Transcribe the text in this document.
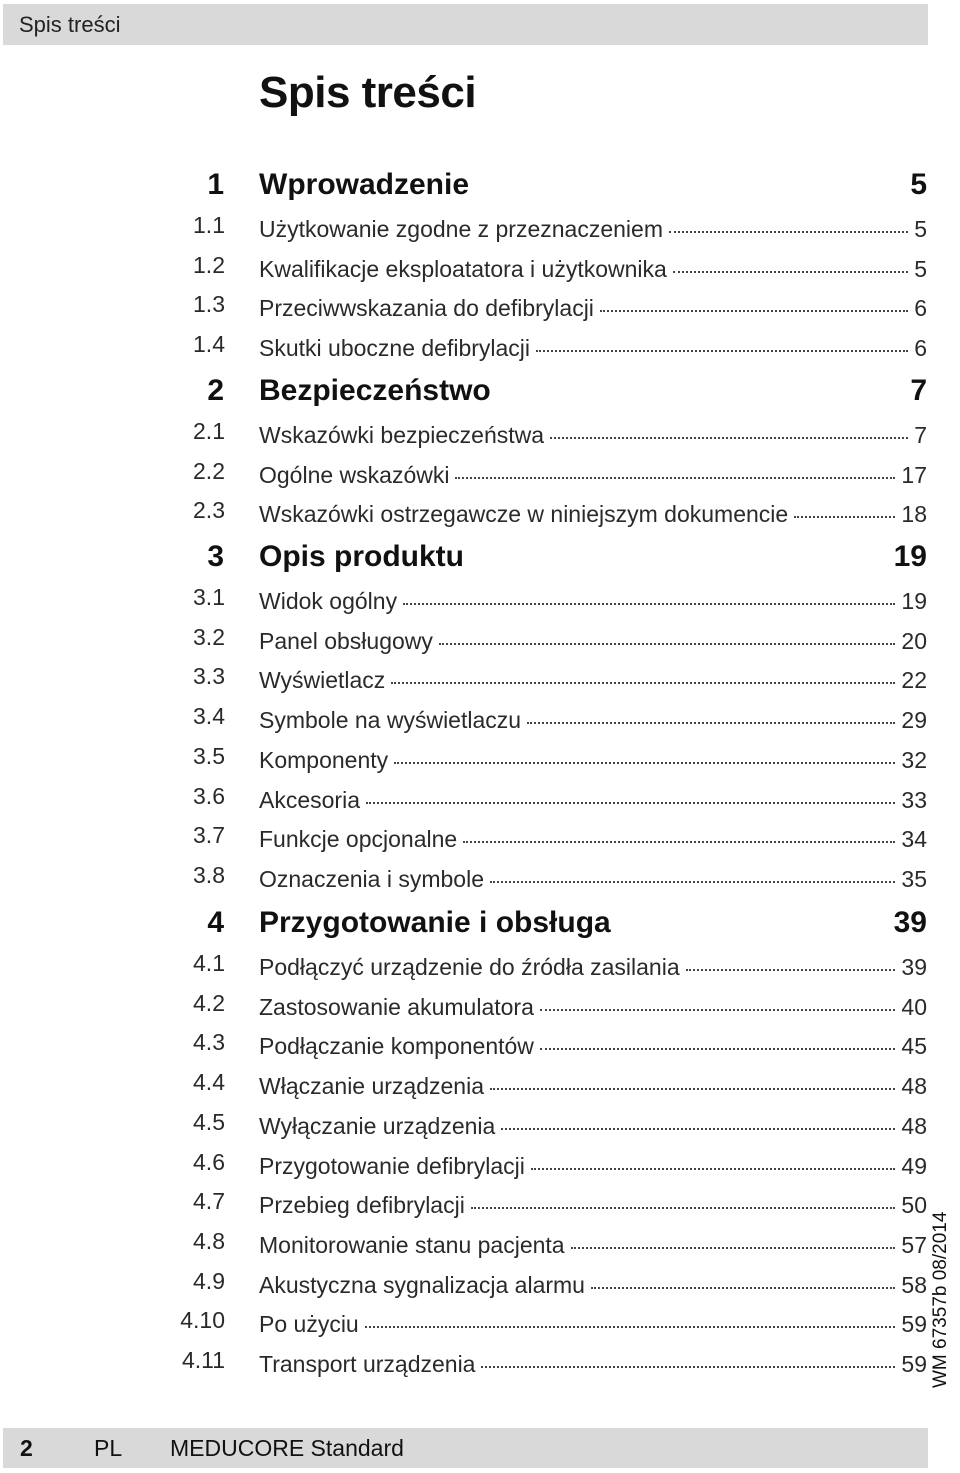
Spis treści
Spis treści
1 Wprowadzenie	5
1.1 Użytkowanie zgodne z przeznaczeniem	5
1.2 Kwalifikacje eksploatatora i użytkownika	5
1.3 Przeciwwskazania do defibrylacji	6
1.4 Skutki uboczne defibrylacji	6
2 Bezpieczeństwo	7
2.1 Wskazówki bezpieczeństwa	7
2.2 Ogólne wskazówki	17
2.3 Wskazówki ostrzegawcze w niniejszym dokumencie	18
3 Opis produktu	19
3.1 Widok ogólny	19
3.2 Panel obsługowy	20
3.3 Wyświetlacz	22
3.4 Symbole na wyświetlaczu	29
3.5 Komponenty	32
3.6 Akcesoria	33
3.7 Funkcje opcjonalne	34
3.8 Oznaczenia i symbole	35
4 Przygotowanie i obsługa	39
4.1 Podłączyć urządzenie do źródła zasilania	39
4.2 Zastosowanie akumulatora	40
4.3 Podłączanie komponentów	45
4.4 Włączanie urządzenia	48
4.5 Wyłączanie urządzenia	48
4.6 Przygotowanie defibrylacji	49
4.7 Przebieg defibrylacji	50
4.8 Monitorowanie stanu pacjenta	57
4.9 Akustyczna sygnalizacja alarmu	58
4.10 Po użyciu	59
4.11 Transport urządzenia	59 WM 67357b 08/2014
2	PL MEDUCORE Standard
